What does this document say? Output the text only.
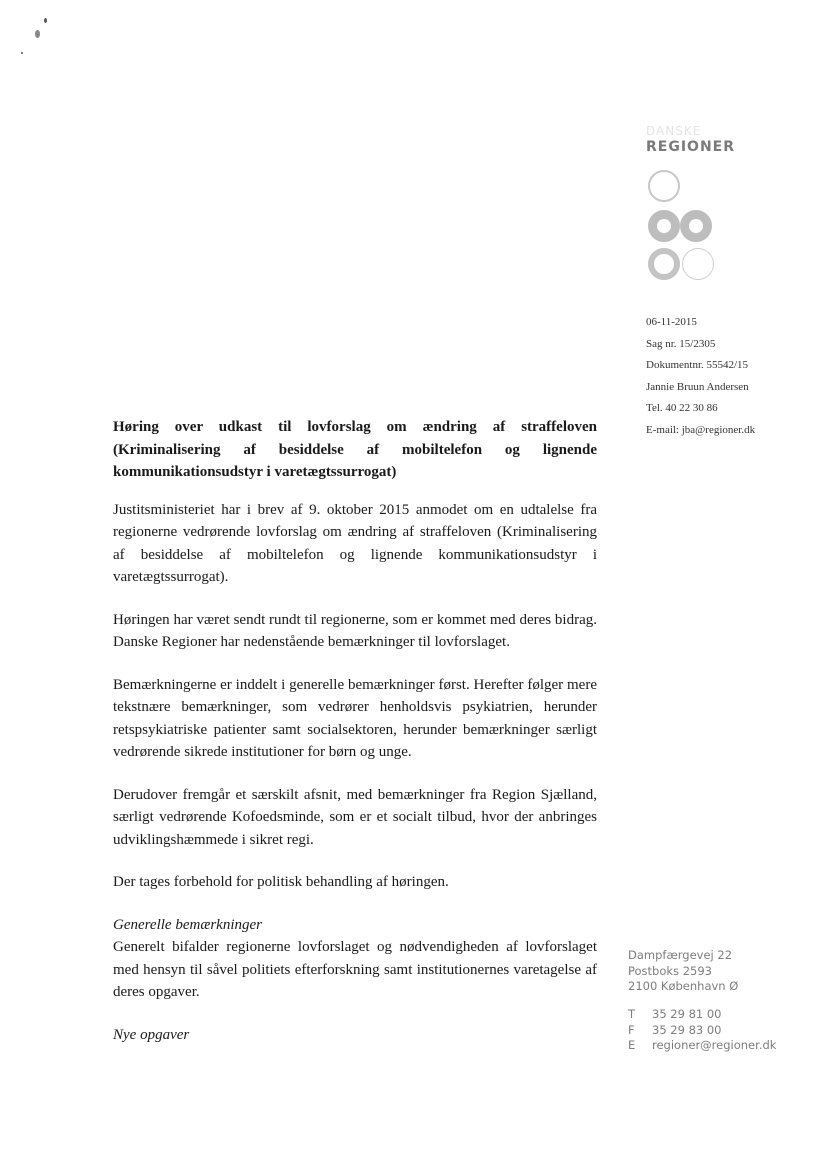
DANSKE
REGIONER
06-11-2015
Sag nr. 15/2305
Dokumentnr. 55542/15
Jannie Bruun Andersen
Tel. 40 22 30 86
E-mail: jba@regioner.dk
Høring over udkast til lovforslag om ændring af straffeloven (Kriminalisering af besiddelse af mobiltelefon og lignende kommunikationsudstyr i varetægtssurrogat)

Justitsministeriet har i brev af 9. oktober 2015 anmodet om en udtalelse fra regionerne vedrørende lovforslag om ændring af straffeloven (Kriminalisering af besiddelse af mobiltelefon og lignende kommunikationsudstyr i varetægtssurrogat).

Høringen har været sendt rundt til regionerne, som er kommet med deres bidrag. Danske Regioner har nedenstående bemærkninger til lovforslaget.

Bemærkningerne er inddelt i generelle bemærkninger først. Herefter følger mere tekstnære bemærkninger, som vedrører henholdsvis psykiatrien, herunder retspsykiatriske patienter samt socialsektoren, herunder bemærkninger særligt vedrørende sikrede institutioner for børn og unge.

Derudover fremgår et særskilt afsnit, med bemærkninger fra Region Sjælland, særligt vedrørende Kofoedsminde, som er et socialt tilbud, hvor der anbringes udviklingshæmmede i sikret regi.

Der tages forbehold for politisk behandling af høringen.

Generelle bemærkninger

Generelt bifalder regionerne lovforslaget og nødvendigheden af lovforslaget med hensyn til såvel politiets efterforskning samt institutionernes varetagelse af deres opgaver.

Nye opgaver

Dampfærgevej 22
Postboks 2593
2100 København Ø
T 35 29 81 00
F 35 29 83 00
E regioner@regioner.dk
